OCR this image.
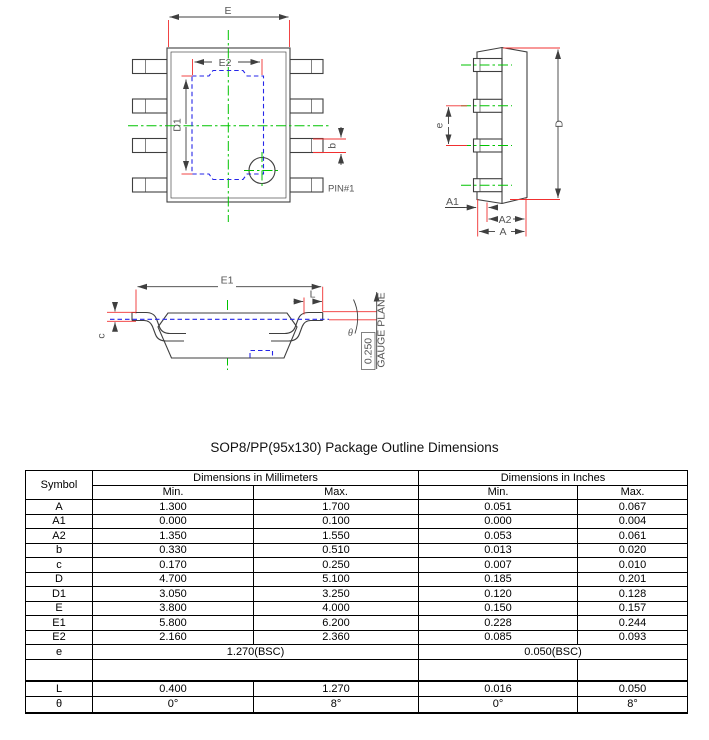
E
D1
E2
PIN#1
b
e	D
A1
A2
A
E1
c
L
θ
0.250 GAUGE PLANE
SOP8/PP(95x130) Package Outline Dimensions
Symbol	Dimensions in Millimeters		Dimensions in Inches	
	Min.	Max.	Min.	Max.
A	1.300	1.700	0.051	0.067
A1	0.000	0.100	0.000	0.004
A2	1.350	1.550	0.053	0.061
b	0.330	0.510	0.013	0.020
c	0.170	0.250	0.007	0.010
D	4.700	5.100	0.185	0.201
D1	3.050	3.250	0.120	0.128
E	3.800	4.000	0.150	0.157
E1	5.800	6.200	0.228	0.244
E2	2.160	2.360	0.085	0.093
e	1.270(BSC)		0.050(BSC)	

L	0.400	1.270	0.016	0.050
θ	0°	8°	0°	8°
